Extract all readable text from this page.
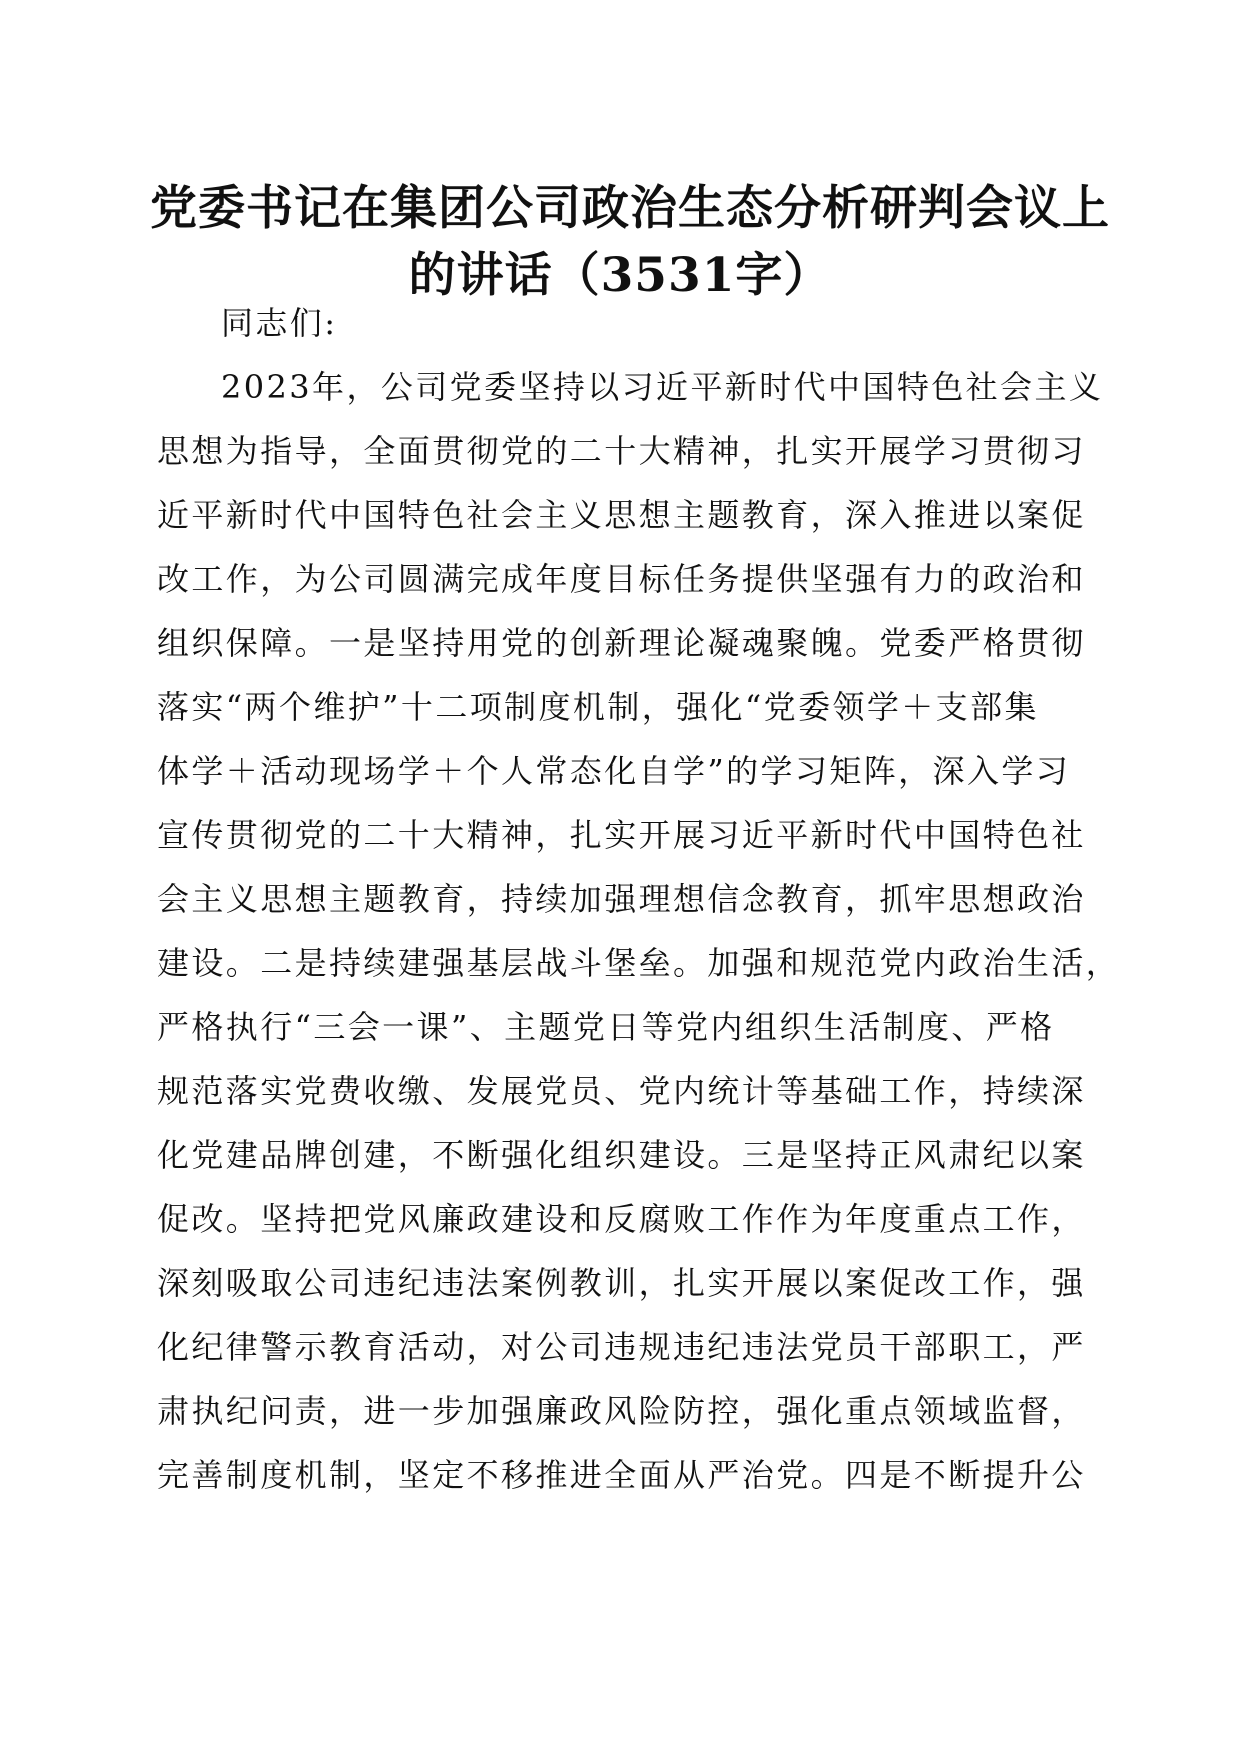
党委书记在集团公司政治生态分析研判会议上
的讲话（3531字）
同志们:
2023年，公司党委坚持以习近平新时代中国特色社会主义
思想为指导，全面贯彻党的二十大精神，扎实开展学习贯彻习
近平新时代中国特色社会主义思想主题教育，深入推进以案促
改工作，为公司圆满完成年度目标任务提供坚强有力的政治和
组织保障。一是坚持用党的创新理论凝魂聚魄。党委严格贯彻
落实“两个维护”十二项制度机制，强化“党委领学＋支部集
体学＋活动现场学＋个人常态化自学”的学习矩阵，深入学习
宣传贯彻党的二十大精神，扎实开展习近平新时代中国特色社
会主义思想主题教育，持续加强理想信念教育，抓牢思想政治
建设。二是持续建强基层战斗堡垒。加强和规范党内政治生活，
严格执行“三会一课”、主题党日等党内组织生活制度、严格
规范落实党费收缴、发展党员、党内统计等基础工作，持续深
化党建品牌创建，不断强化组织建设。三是坚持正风肃纪以案
促改。坚持把党风廉政建设和反腐败工作作为年度重点工作，
深刻吸取公司违纪违法案例教训，扎实开展以案促改工作，强
化纪律警示教育活动，对公司违规违纪违法党员干部职工，严
肃执纪问责，进一步加强廉政风险防控，强化重点领域监督，
完善制度机制，坚定不移推进全面从严治党。四是不断提升公
